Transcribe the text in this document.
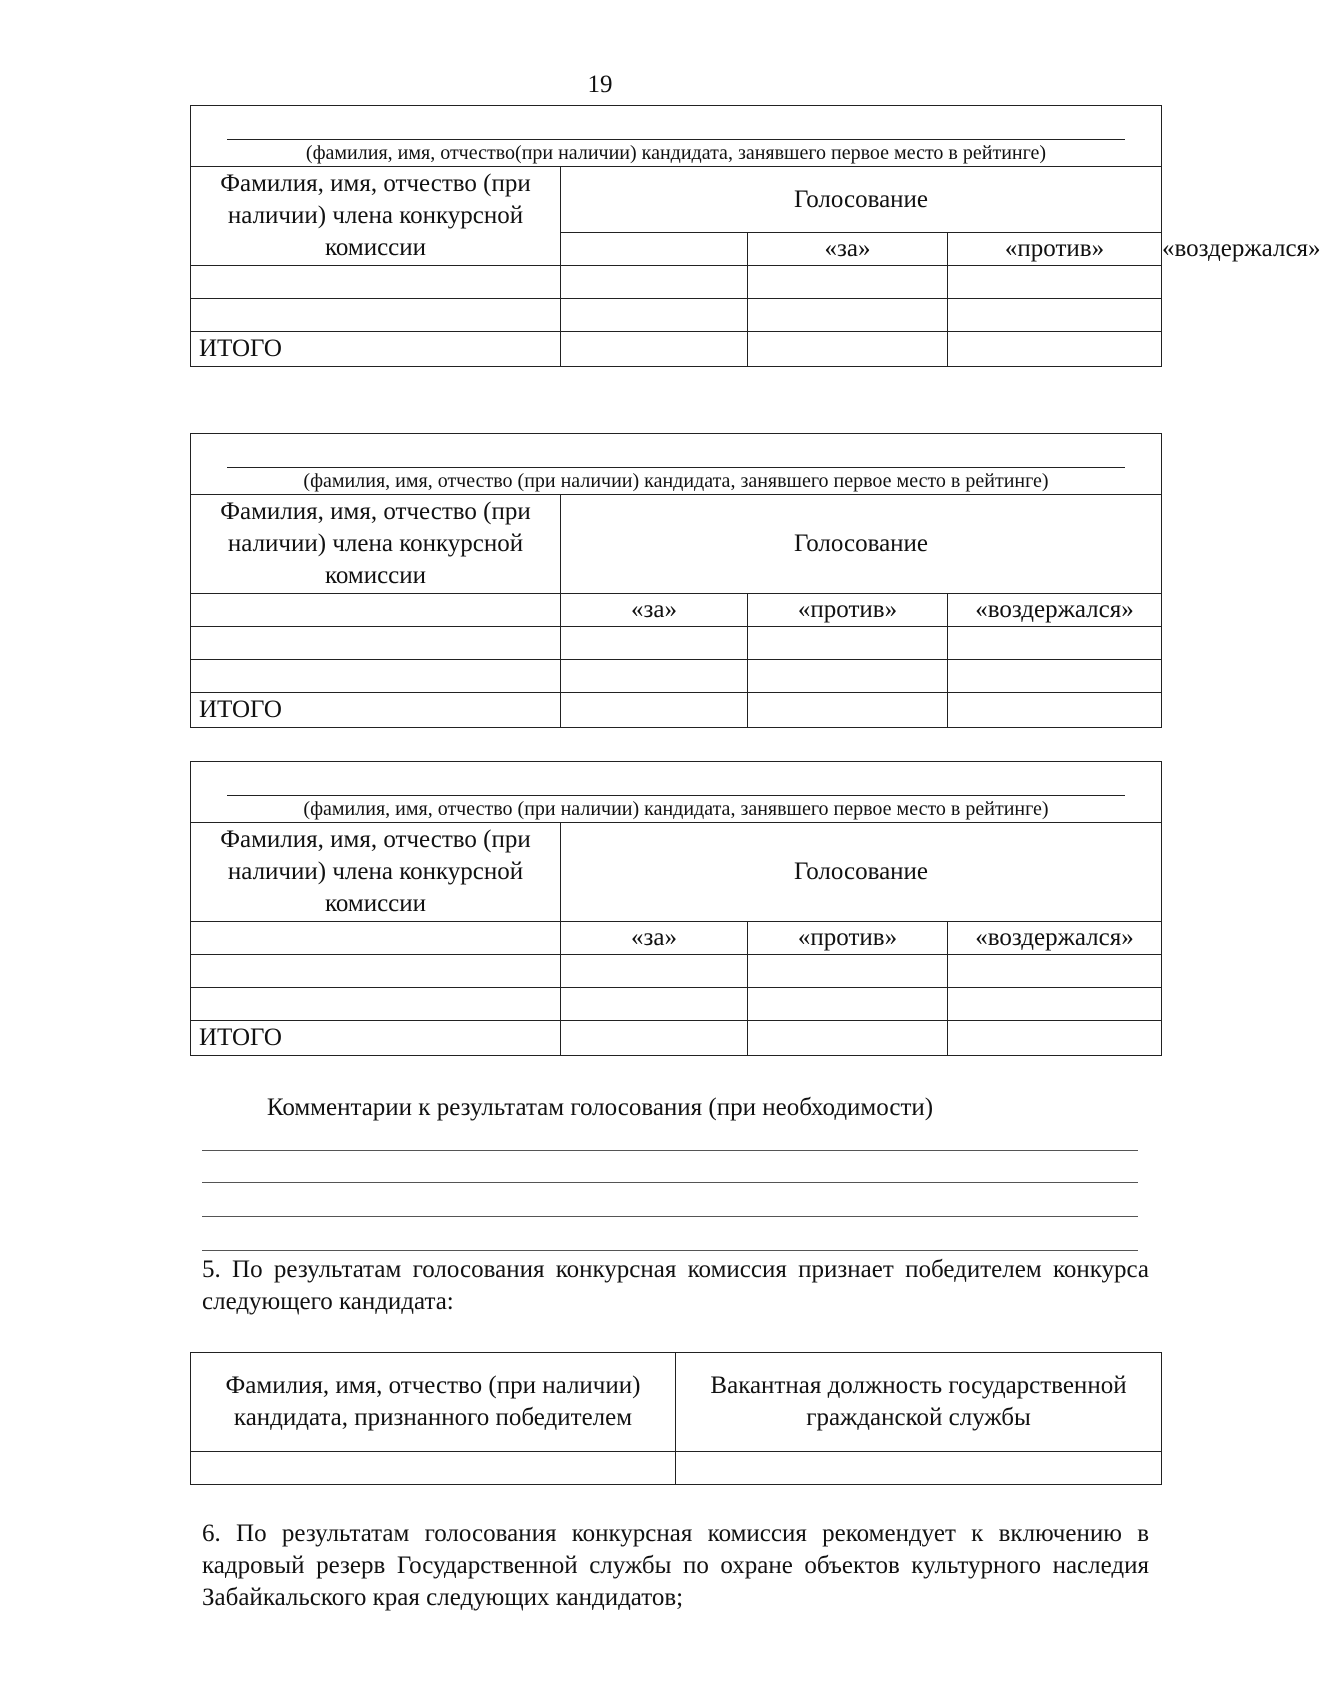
19
(фамилия, имя, отчество(при наличии) кандидата, занявшего первое место в рейтинге)				

Фамилия, имя, отчество (при наличии) члена конкурсной комиссии	Голосование			
		«за»	«против»	«воздержался»

ИТОГО				
(фамилия, имя, отчество (при наличии) кандидата, занявшего первое место в рейтинге)			

Фамилия, имя, отчество (при наличии) члена конкурсной комиссии	Голосование		
	«за»	«против»	«воздержался»

ИТОГО			
(фамилия, имя, отчество (при наличии) кандидата, занявшего первое место в рейтинге)			

Фамилия, имя, отчество (при наличии) члена конкурсной комиссии	Голосование		
	«за»	«против»	«воздержался»

ИТОГО			
Комментарии к результатам голосования (при необходимости)
5. По результатам голосования конкурсная комиссия признает победителем конкурса следующего кандидата:
Фамилия, имя, отчество (при наличии) кандидата, признанного победителем	Вакантная должность государственной гражданской службы

6. По результатам голосования конкурсная комиссия рекомендует к включению в кадровый резерв Государственной службы по охране объектов культурного наследия Забайкальского края следующих кандидатов;
